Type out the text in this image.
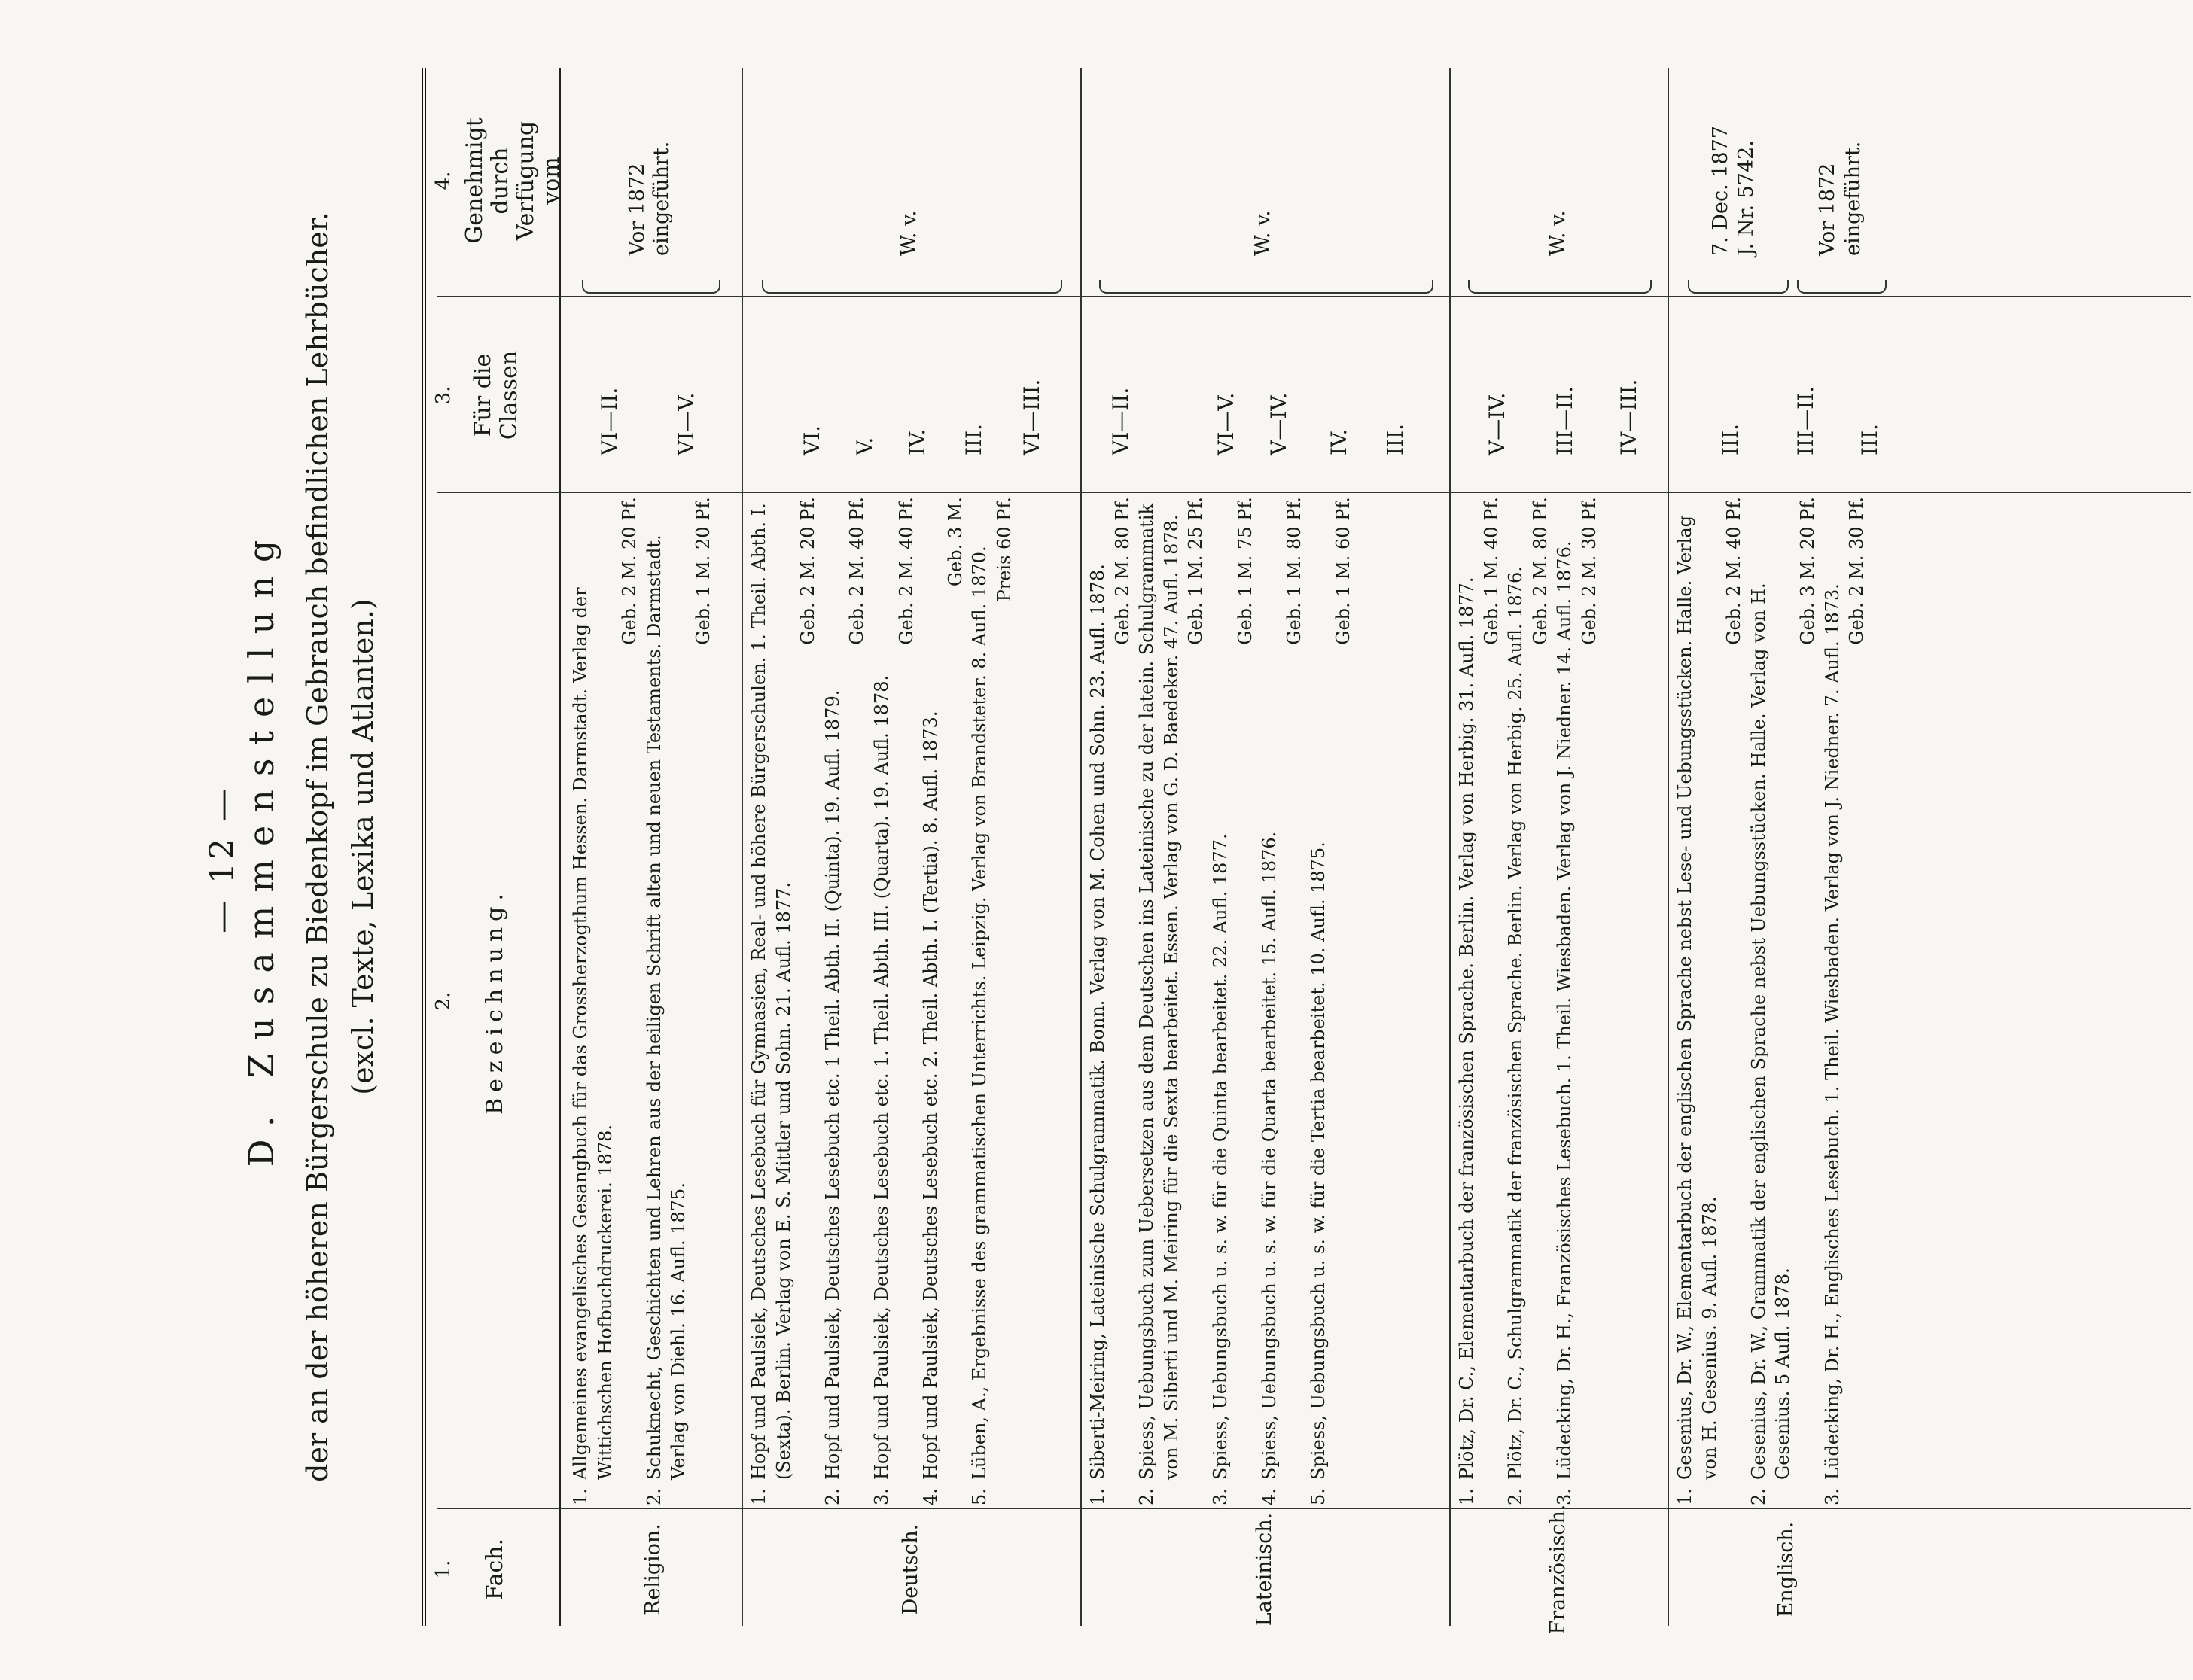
— 12 — D. Zusammenstellung der an der höheren Bürgerschule zu Biedenkopf im Gebrauch befindlichen Lehrbücher. (excl. Texte, Lexika und Atlanten.)
1. Fach.
2. Bezeichnung.
3. Für die Classen
4. Genehmigt durch Verfügung vom
Religion.
1.
Allgemeines evangelisches Gesangbuch für das Grossherzogthum Hessen. Darmstadt. Verlag der Wittichschen Hofbuchdruckerei. 1878.
Geb. 2 M. 20 Pf.
2.
Schuknecht, Geschichten und Lehren aus der heiligen Schrift alten und neuen Testaments. Darmstadt. Verlag von Diehl. 16. Aufl. 1875.
Geb. 1 M. 20 Pf.
VI—II. VI—V.
Vor 1872 eingeführt.
Deutsch.
1.
Hopf und Paulsiek, Deutsches Lesebuch für Gymnasien, Real- und höhere Bürgerschulen. 1. Theil. Abth. I. (Sexta). Berlin. Verlag von E. S. Mittler und Sohn. 21. Aufl. 1877.
Geb. 2 M. 20 Pf.
2.
Hopf und Paulsiek, Deutsches Lesebuch etc. 1 Theil. Abth. II. (Quinta). 19. Aufl. 1879.
Geb. 2 M. 40 Pf.
3.
Hopf und Paulsiek, Deutsches Lesebuch etc. 1. Theil. Abth. III. (Quarta). 19. Aufl. 1878.
Geb. 2 M. 40 Pf.
4.
Hopf und Paulsiek, Deutsches Lesebuch etc. 2. Theil. Abth. I. (Tertia). 8. Aufl. 1873.
Geb. 3 M.
5.
Lüben, A., Ergebnisse des grammatischen Unterrichts. Leipzig. Verlag von Brandsteter. 8. Aufl. 1870. Preis 60 Pf.
VI. V. IV. III. VI—III.
W. v.
Lateinisch.
1.
Siberti-Meiring, Lateinische Schulgrammatik. Bonn. Verlag von M. Cohen und Sohn. 23. Aufl. 1878. Geb. 2 M. 80 Pf.
2.
Spiess, Uebungsbuch zum Uebersetzen aus dem Deutschen ins Lateinische zu der latein. Schulgrammatik von M. Siberti und M. Meiring für die Sexta bearbeitet. Essen. Verlag von G. D. Baedeker. 47. Aufl. 1878. Geb. 1 M. 25 Pf.
3.
Spiess, Uebungsbuch u. s. w. für die Quinta bearbeitet. 22. Aufl. 1877.
Geb. 1 M. 75 Pf.
4.
Spiess, Uebungsbuch u. s. w. für die Quarta bearbeitet. 15. Aufl. 1876.
Geb. 1 M. 80 Pf.
5.
Spiess, Uebungsbuch u. s. w. für die Tertia bearbeitet. 10. Aufl. 1875.
Geb. 1 M. 60 Pf.
VI—II.	VI—V. V—IV. IV. III.
W. v.
Französisch.
1.
Plötz, Dr. C., Elementarbuch der französischen Sprache. Berlin. Verlag von Herbig. 31. Aufl. 1877.
Geb. 1 M. 40 Pf.
2.
Plötz, Dr. C., Schulgrammatik der französischen Sprache. Berlin. Verlag von Herbig. 25. Aufl. 1876. Geb. 2 M. 80 Pf.
3.
Lüdecking, Dr. H., Französisches Lesebuch. 1. Theil. Wiesbaden. Verlag von J. Niedner. 14. Aufl. 1876. Geb. 2 M. 30 Pf.
V—IV. III—II. IV—III.
W. v.
Englisch.
1.
Gesenius, Dr. W., Elementarbuch der englischen Sprache nebst Lese- und Uebungsstücken. Halle. Verlag von H. Gesenius. 9. Aufl. 1878.
Geb. 2 M. 40 Pf.
2.
Gesenius, Dr. W., Grammatik der englischen Sprache nebst Uebungsstücken. Halle. Verlag von H. Gesenius. 5 Aufl. 1878.
Geb. 3 M. 20 Pf.
3.
Lüdecking, Dr. H., Englisches Lesebuch. 1. Theil. Wiesbaden. Verlag von J. Niedner. 7. Aufl. 1873.
Geb. 2 M. 30 Pf.
III. III—II. III.
7. Dec. 1877 J. Nr. 5742.	Vor 1872 eingeführt.
